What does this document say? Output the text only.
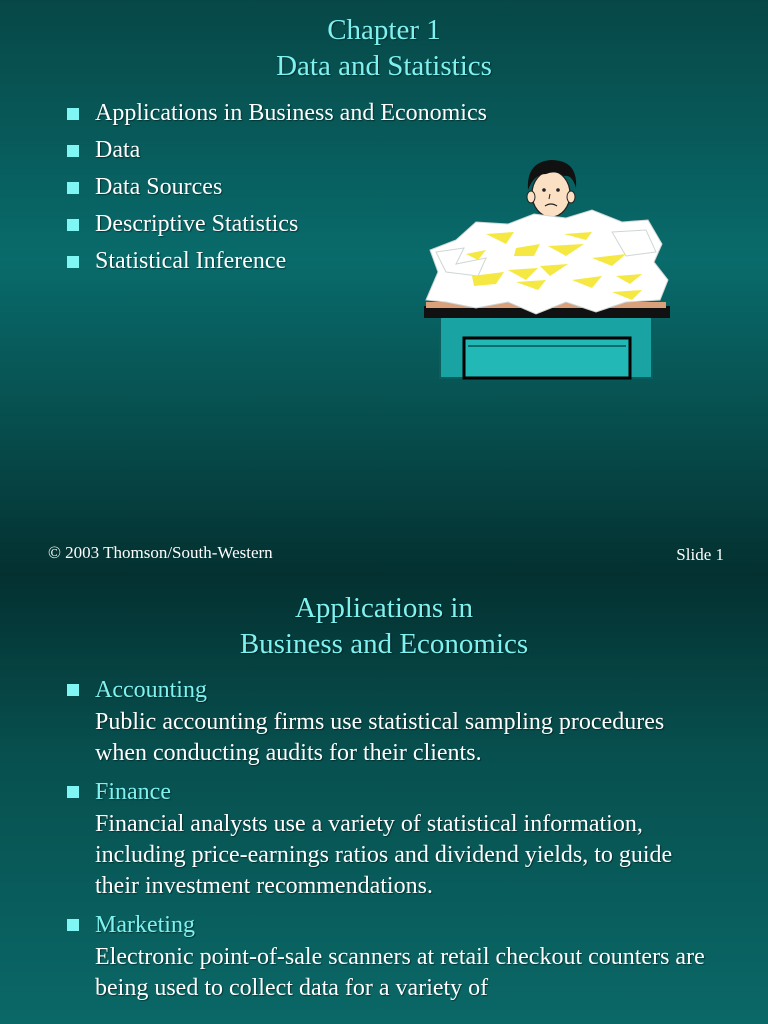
Chapter 1
Data and Statistics
Applications in Business and Economics
Data
Data Sources
Descriptive Statistics
Statistical Inference
© 2003 Thomson/South-Western	Slide 1
Applications in
Business and Economics
Accounting
Public accounting firms use statistical sampling procedures when conducting audits for their clients.
Finance
Financial analysts use a variety of statistical information, including price-earnings ratios and dividend yields, to guide their investment recommendations.
Marketing
Electronic point-of-sale scanners at retail checkout counters are being used to collect data for a variety of
